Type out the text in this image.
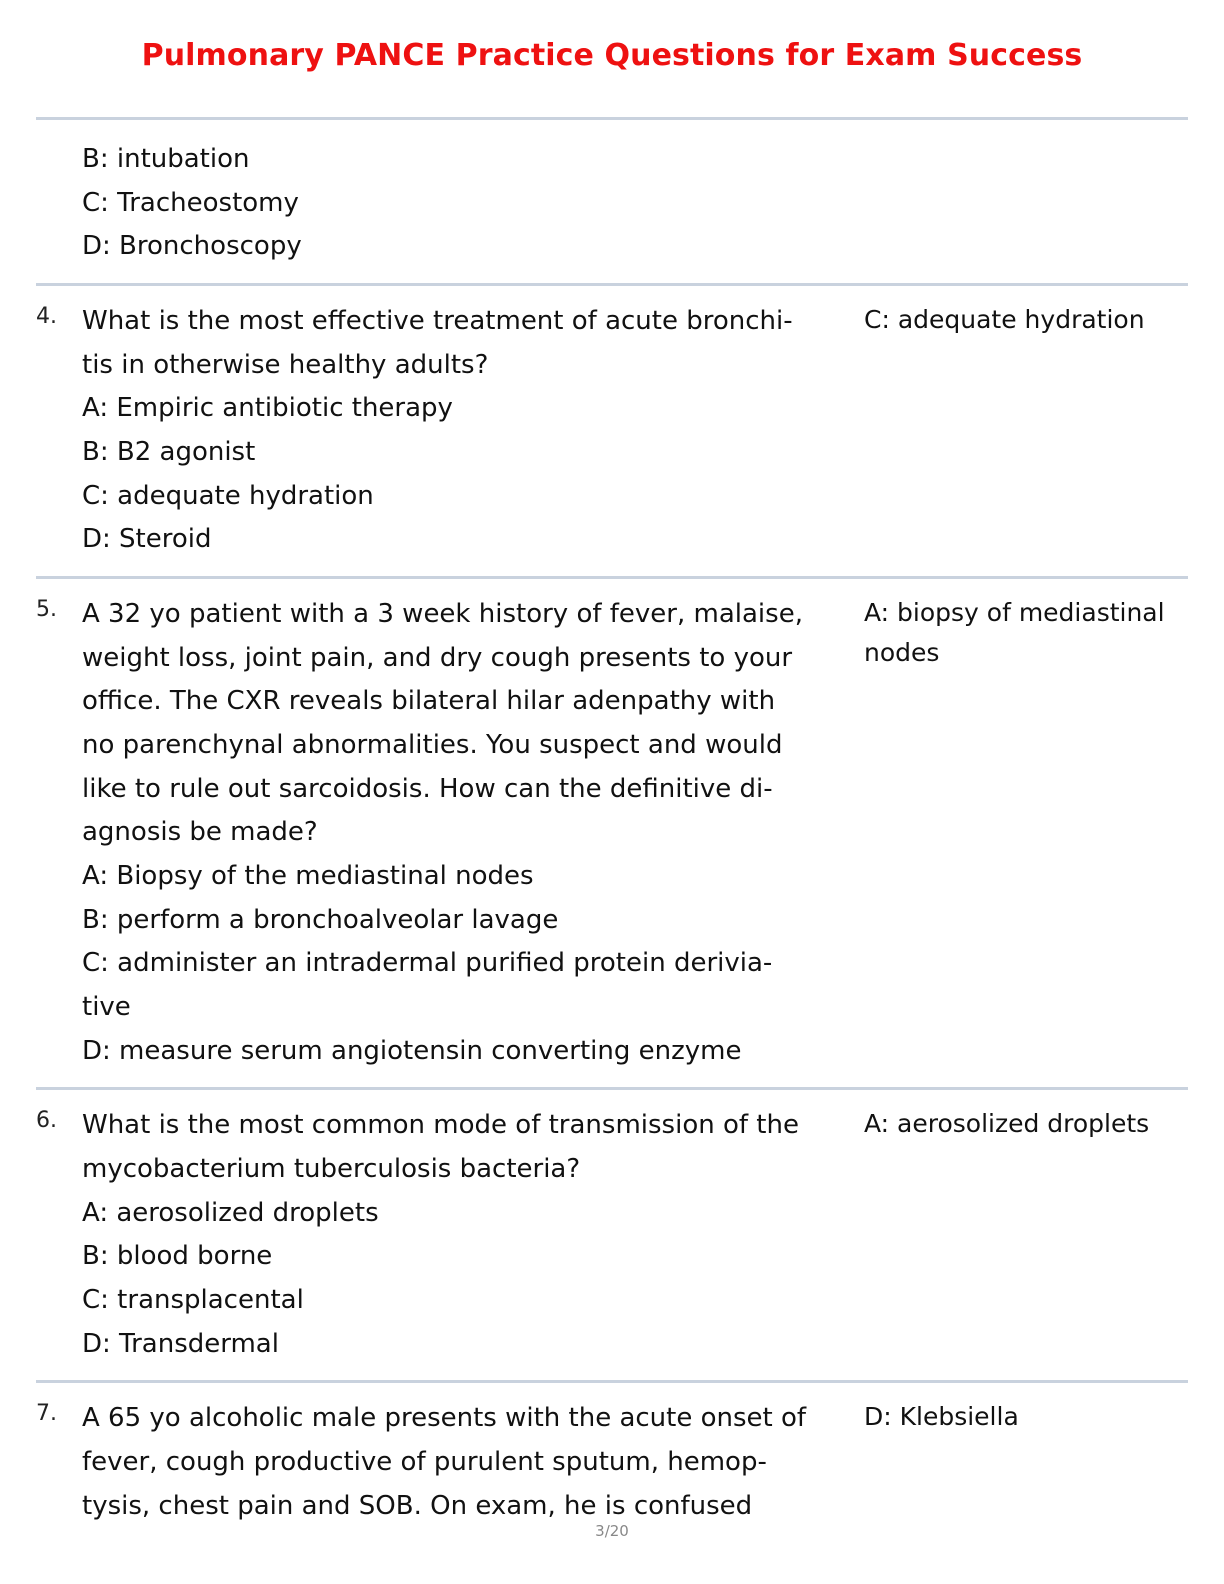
Pulmonary PANCE Practice Questions for Exam Success
B: intubation
C: Tracheostomy
D: Bronchoscopy
4. What is the most effective treatment of acute bronchi-
tis in otherwise healthy adults?
C: adequate hydration
A: Empiric antibiotic therapy
B: B2 agonist
C: adequate hydration
D: Steroid
5. A 32 yo patient with a 3 week history of fever, malaise,
weight loss, joint pain, and dry cough presents to your
office. The CXR reveals bilateral hilar adenpathy with
no parenchynal abnormalities. You suspect and would
like to rule out sarcoidosis. How can the definitive di-
agnosis be made?
A: biopsy of mediastinal nodes
A: Biopsy of the mediastinal nodes
B: perform a bronchoalveolar lavage
C: administer an intradermal purified protein derivia-
tive
D: measure serum angiotensin converting enzyme
6. What is the most common mode of transmission of the
mycobacterium tuberculosis bacteria?
A: aerosolized droplets
A: aerosolized droplets
B: blood borne
C: transplacental
D: Transdermal
7. A 65 yo alcoholic male presents with the acute onset of
fever, cough productive of purulent sputum, hemop-
tysis, chest pain and SOB. On exam, he is confused
D: Klebsiella
3/20
